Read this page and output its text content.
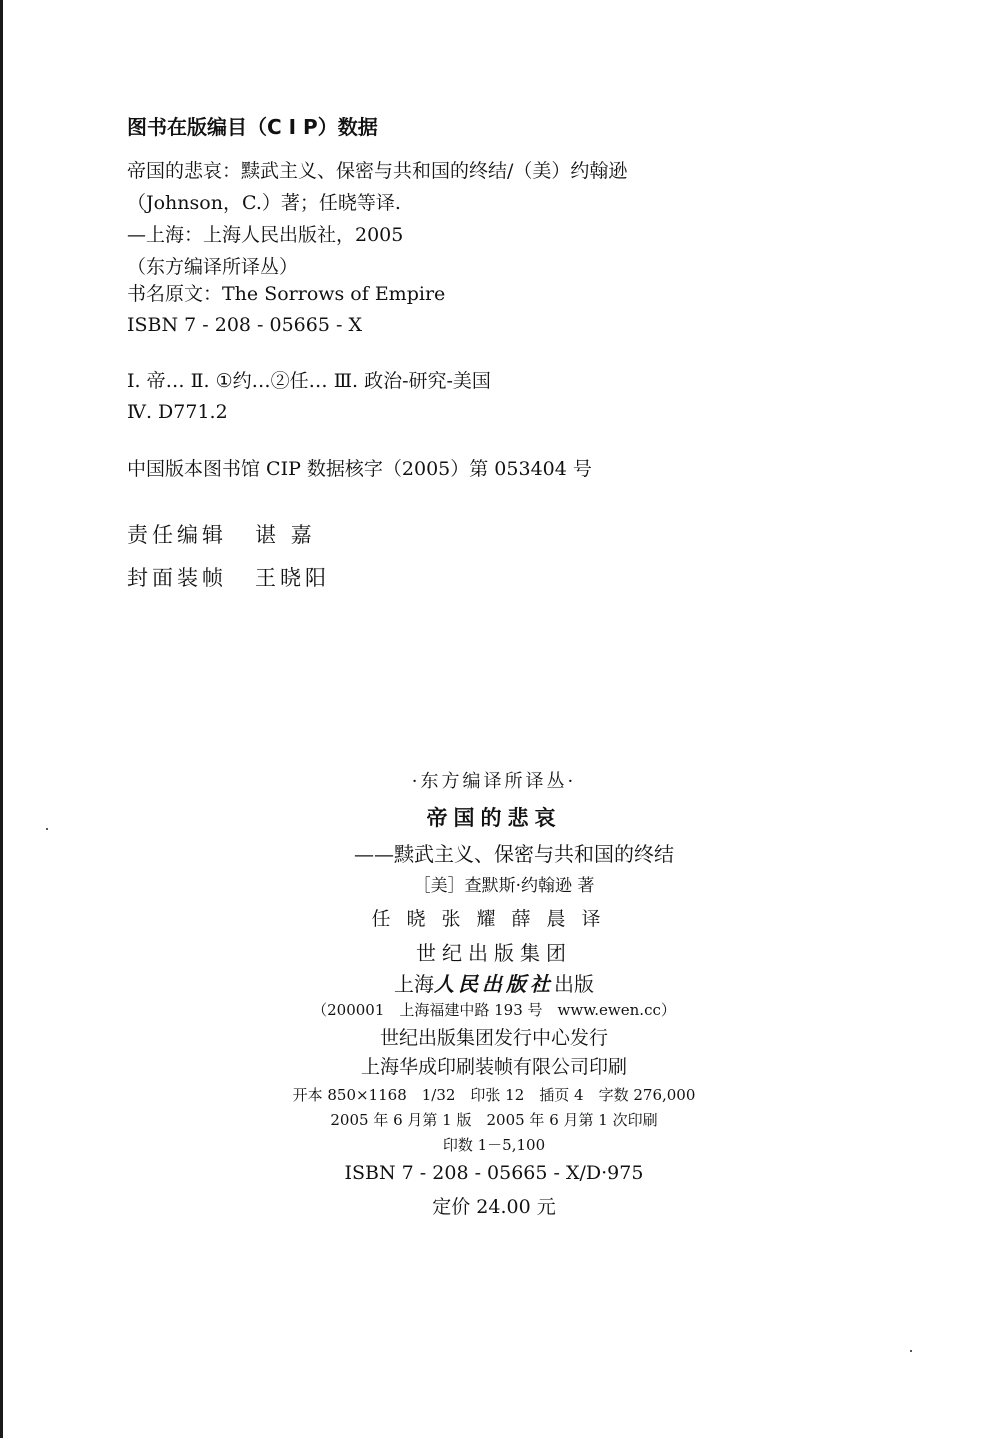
图书在版编目（C I P）数据
帝国的悲哀：黩武主义、保密与共和国的终结/（美）约翰逊
（Johnson，C.）著；任晓等译.
—上海：上海人民出版社，2005
（东方编译所译丛）
书名原文：The Sorrows of Empire
ISBN 7 - 208 - 05665 - X
Ⅰ. 帝… Ⅱ. ①约…②任… Ⅲ. 政治-研究-美国
Ⅳ. D771.2
中国版本图书馆 CIP 数据核字（2005）第 053404 号
责任编辑 谌 嘉
封面装帧 王晓阳
·东方编译所译丛·
帝国的悲哀
——黩武主义、保密与共和国的终结
［美］查默斯·约翰逊 著
任晓张耀薛晨译
世纪出版集团
上海人民出版社出版
（200001　上海福建中路 193 号　www.ewen.cc）
世纪出版集团发行中心发行
上海华成印刷装帧有限公司印刷
开本 850×1168　1/32　印张 12　插页 4　字数 276,000
2005 年 6 月第 1 版　2005 年 6 月第 1 次印刷
印数 1－5,100
ISBN 7 - 208 - 05665 - X/D·975
定价 24.00 元
